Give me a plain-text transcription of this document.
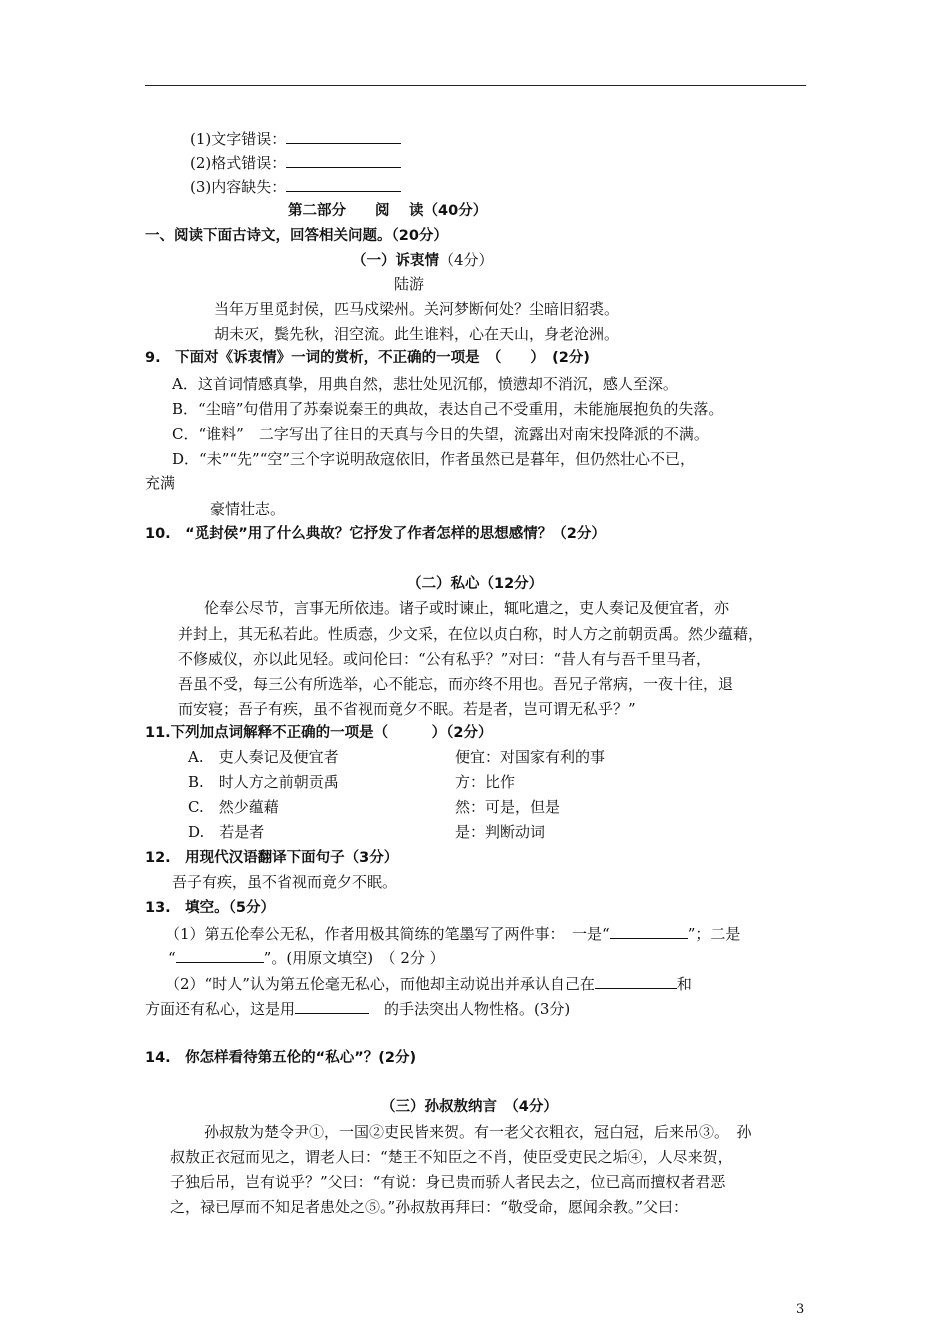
(1)文字错误：
(2)格式错误：
(3)内容缺失：
第二部分　　阅　 读（40分）
一、阅读下面古诗文，回答相关问题。（20分）
（一）诉衷情（4分）
陆游
当年万里觅封侯，匹马戍梁州。关河梦断何处？尘暗旧貂裘。
胡未灭，鬓先秋，泪空流。此生谁料，心在天山，身老沧洲。
9.　下面对《诉衷情》一词的赏析，不正确的一项是　（　　）　(2分)
A．这首词情感真挚，用典自然，悲壮处见沉郁，愤懑却不消沉，感人至深。
B．“尘暗”句借用了苏秦说秦王的典故，表达自己不受重用，未能施展抱负的失落。
C．“谁料”　二字写出了往日的天真与今日的失望，流露出对南宋投降派的不满。
D．“未”“先”“空”三个字说明敌寇依旧，作者虽然已是暮年，但仍然壮心不已，
充满
豪情壮志。
10.　“觅封侯”用了什么典故？它抒发了作者怎样的思想感情？（2分）
（二）私心（12分）
伦奉公尽节，言事无所依违。诸子或时谏止，辄叱遣之，吏人奏记及便宜者，亦
并封上，其无私若此。性质悫，少文采，在位以贞白称，时人方之前朝贡禹。然少蕴藉，
不修威仪，亦以此见轻。或问伦曰：“公有私乎？”对曰：“昔人有与吾千里马者，
吾虽不受，每三公有所选举，心不能忘，而亦终不用也。吾兄子常病，一夜十往，退
而安寝；吾子有疾，虽不省视而竟夕不眠。若是者，岂可谓无私乎？”
11.下列加点词解释不正确的一项是（　　　）（2分）
A.　吏人奏记及便宜者	便宜：对国家有利的事
B.　时人方之前朝贡禹	方：比作
C.　然少蕴藉	然：可是，但是
D.　若是者	是：判断动词
12.　用现代汉语翻译下面句子（3分）
吾子有疾，虽不省视而竟夕不眠。
13.　填空。（5分）
（1）第五伦奉公无私，作者用极其简练的笔墨写了两件事：　一是“	”；二是
“	”。(用原文填空)　（ 2分 ）
（2）“时人”认为第五伦毫无私心，而他却主动说出并承认自己在	和
方面还有私心，这是用	　的手法突出人物性格。(3分)
14.　你怎样看待第五伦的“私心”？(2分)
（三）孙叔敖纳言　（4分）
孙叔敖为楚令尹①，一国②吏民皆来贺。有一老父衣粗衣，冠白冠，后来吊③。　孙
叔敖正衣冠而见之，谓老人曰：“楚王不知臣之不肖，使臣受吏民之垢④，人尽来贺，
子独后吊，岂有说乎？”父曰：“有说：身已贵而骄人者民去之，位已高而擅权者君恶
之，禄已厚而不知足者患处之⑤。”孙叔敖再拜曰：“敬受命，愿闻余教。”父曰：
3
